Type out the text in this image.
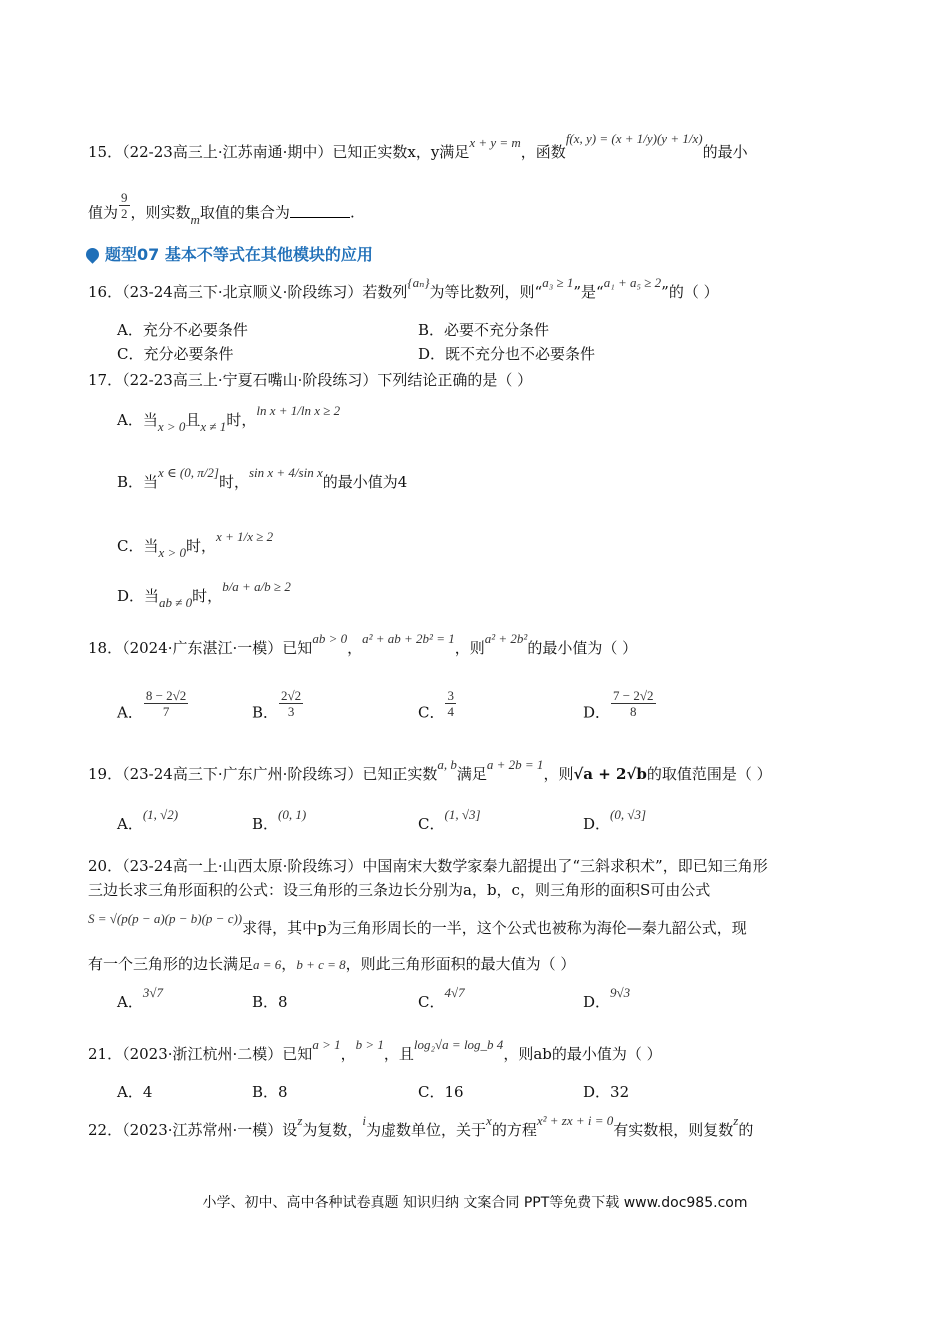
15．（22-23高三上·江苏南通·期中）已知正实数x，y满足x + y = m，函数f(x, y) = (x + 1/y)(y + 1/x)的最小
值为 $\frac{9}{2}$ ，则实数m取值的集合为	.
题型07 基本不等式在其他模块的应用
16．（23-24高三下·北京顺义·阶段练习）若数列{aₙ}为等比数列，则“a₃ ≥ 1”是“a₁ + a₅ ≥ 2”的（ ）
A．充分不必要条件	B．必要不充分条件
C．充分必要条件	D．既不充分也不必要条件
17．（22-23高三上·宁夏石嘴山·阶段练习）下列结论正确的是（ ）
A．当x > 0且x ≠ 1时，ln x + 1/ln x ≥ 2
B．当x ∈ (0, π/2]时，sin x + 4/sin x的最小值为4
C．当x > 0时，x + 1/x ≥ 2
D．当ab ≠ 0时，b/a + a/b ≥ 2
18．（2024·广东湛江·一模）已知ab > 0，a² + ab + 2b² = 1，则a² + 2b²的最小值为（ ）
A． $\frac{8 - 2√2}{7}$	B． $\frac{2√2}{3}$	C． $\frac{3}{4}$	D． $\frac{7 - 2√2}{8}$
19．（23-24高三下·广东广州·阶段练习）已知正实数a, b满足a + 2b = 1，则√a + 2√b的取值范围是（ ）
A．(1, √2)
B．(0, 1)
C．(1, √3]
D．(0, √3]
20．（23-24高一上·山西太原·阶段练习）中国南宋大数学家秦九韶提出了“三斜求积术”，即已知三角形
三边长求三角形面积的公式：设三角形的三条边长分别为a，b，c，则三角形的面积S可由公式
S = √(p(p − a)(p − b)(p − c))求得，其中p为三角形周长的一半，这个公式也被称为海伦—秦九韶公式，现
有一个三角形的边长满足a = 6，b + c = 8，则此三角形面积的最大值为（ ）
A．3√7
B．8	C．4√7
D．9√3
21．（2023·浙江杭州·二模）已知a > 1，b > 1，且log₂√a = log_b 4，则ab的最小值为（ ）
A．4	B．8	C．16	D．32
22．（2023·江苏常州·一模）设z为复数，i为虚数单位，关于x的方程x² + zx + i = 0有实数根，则复数z的
小学、初中、高中各种试卷真题 知识归纳 文案合同 PPT等免费下载 www.doc985.com
